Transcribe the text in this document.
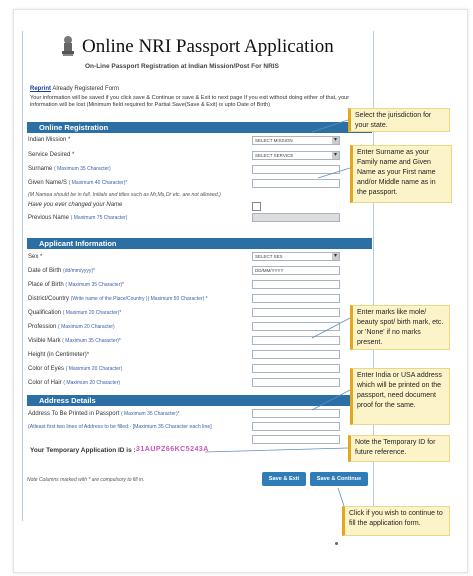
Online NRI Passport Application
On-Line Passport Registration at Indian Mission/Post For NRIS
Reprint Already Registered Form
Your information will be saved if you click save & Continue or save & Exit to next page If you exit without doing either of that, your information will be lost (Minimum field required for Partial Save(Save & Exit) is upto Date of Birth)
Online Registration
Indian Mission *	SELECT MISSION ▾
Service Desired *	SELECT SERVICE ▾
Surname ( Maximum 35 Character)
Given Name/S ( Maximum 40 Character)*
(M Namea should be in full. Initials and titles such as Mr,Ms,Dr etc. are not allowed.)
Have you ever changed your Name
Previous Name ( Maximum 75 Character)
Applicant Information
Sex *	SELECT SEX ▾
Date of Birth (dd/mm/yyyy)*	DD/MM/YYYY
Place of Birth ( Maximum 35 Character)*
District/Country (Write name of the Place/Country )( Maximum 50 Character) *
Qualification ( Maximum 20 Character)*
Profession ( Maximum 20 Character)
Visible Mark ( Maximum 35 Character)*
Height (in Centimeter)*
Color of Eyes ( Maximum 20 Character)
Color of Hair ( Maximum 20 Character)
Address Details
Address To Be Printed in Passport ( Maximum 35 Character)*
(Atleast first two lines of Address to be filled:- [Maximum 35 Character each line]
Your Temporary Application ID is :-
31AUPZ66KC5243A
Save & Exit	Save & Continue
Note Columns marked with * are compulsory to fill in.
Select the jurisdiction for your state.
Enter Surname as your Family name and Given Name as your First name and/or Middle name as in the passport.
Enter marks like mole/ beauty spot/ birth mark, etc. or 'None' if no marks present.
Enter India or USA address which will be printed on the passport, need document proof for the same.
Note the Temporary ID for future reference.
Click if you wish to continue to fill the application form.
